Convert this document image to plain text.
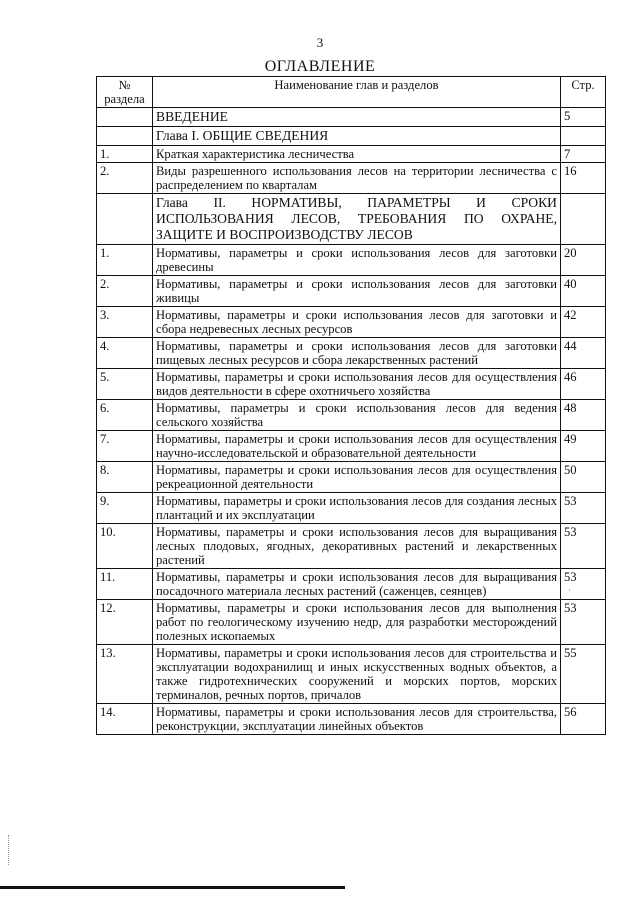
3
ОГЛАВЛЕНИЕ
№ раздела	Наименование глав и разделов	Стр.
	ВВЕДЕНИЕ	5
	Глава I. ОБЩИЕ СВЕДЕНИЯ	
1.	Краткая характеристика лесничества	7
2.	Виды разрешенного использования лесов на территории лесничества с распределением по кварталам	16
	Глава II. НОРМАТИВЫ, ПАРАМЕТРЫ И СРОКИ ИСПОЛЬЗОВАНИЯ ЛЕСОВ, ТРЕБОВАНИЯ ПО ОХРАНЕ, ЗАЩИТЕ И ВОСПРОИЗВОДСТВУ ЛЕСОВ	
1.	Нормативы, параметры и сроки использования лесов для заготовки древесины	20
2.	Нормативы, параметры и сроки использования лесов для заготовки живицы	40
3.	Нормативы, параметры и сроки использования лесов для заготовки и сбора недревесных лесных ресурсов	42
4.	Нормативы, параметры и сроки использования лесов для заготовки пищевых лесных ресурсов и сбора лекарственных растений	44
5.	Нормативы, параметры и сроки использования лесов для осуществления видов деятельности в сфере охотничьего хозяйства	46
6.	Нормативы, параметры и сроки использования лесов для ведения сельского хозяйства	48
7.	Нормативы, параметры и сроки использования лесов для осуществления научно-исследовательской и образовательной деятельности	49
8.	Нормативы, параметры и сроки использования лесов для осуществления рекреационной деятельности	50
9.	Нормативы, параметры и сроки использования лесов для создания лесных плантаций и их эксплуатации	53
10.	Нормативы, параметры и сроки использования лесов для выращивания лесных плодовых, ягодных, декоративных растений и лекарственных растений	53
11.	Нормативы, параметры и сроки использования лесов для выращивания посадочного материала лесных растений (саженцев, сеянцев)	53
12.	Нормативы, параметры и сроки использования лесов для выполнения работ по геологическому изучению недр, для разработки месторождений полезных ископаемых	53
13.	Нормативы, параметры и сроки использования лесов для строительства и эксплуатации водохранилищ и иных искусственных водных объектов, а также гидротехнических сооружений и морских портов, морских терминалов, речных портов, причалов	55
14.	Нормативы, параметры и сроки использования лесов для строительства, реконструкции, эксплуатации линейных объектов	56
·
